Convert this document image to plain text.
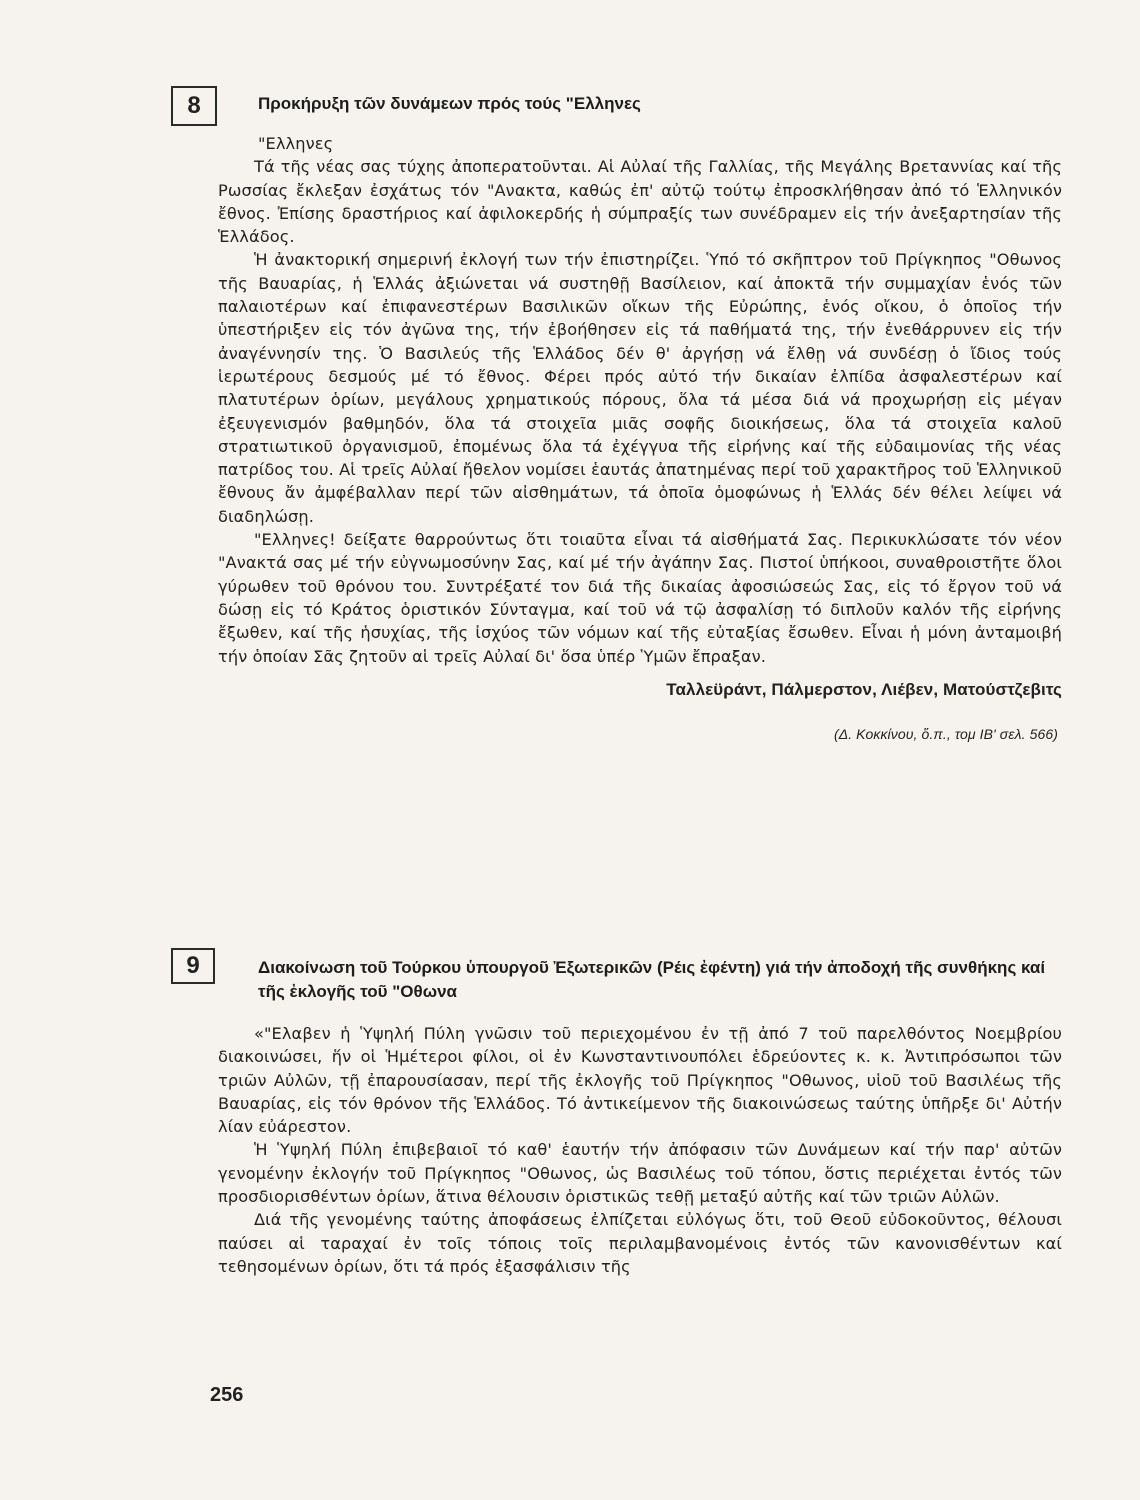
8	Προκήρυξη τῶν δυνάμεων πρός τούς "Ελληνες

"Ελληνες

Τά τῆς νέας σας τύχης ἀποπερατοῦνται. Αἱ Αὐλαί τῆς Γαλλίας, τῆς Μεγάλης Βρεταννίας καί τῆς Ρωσσίας ἔκλεξαν ἐσχάτως τόν "Ανακτα, καθώς ἐπ' αὐτῷ τούτῳ ἐπροσκλήθησαν ἀπό τό Ἑλληνικόν ἔθνος. Ἐπίσης δραστήριος καί ἀφιλοκερδής ἡ σύμπραξίς των συνέδραμεν εἰς τήν ἀνεξαρτησίαν τῆς Ἑλλάδος.

Ἡ ἀνακτορική σημερινή ἐκλογή των τήν ἐπιστηρίζει. Ὑπό τό σκῆπτρον τοῦ Πρίγκηπος "Οθωνος τῆς Βαυαρίας, ἡ Ἑλλάς ἀξιώνεται νά συστηθῇ Βασίλειον, καί ἀποκτᾶ τήν συμμαχίαν ἑνός τῶν παλαιοτέρων καί ἐπιφανεστέρων Βασιλικῶν οἴκων τῆς Εὐρώπης, ἑνός οἴκου, ὁ ὁποῖος τήν ὑπεστήριξεν εἰς τόν ἀγῶνα της, τήν ἐβοήθησεν εἰς τά παθήματά της, τήν ἐνεθάρρυνεν εἰς τήν ἀναγέννησίν της. Ὁ Βασιλεύς τῆς Ἑλλάδος δέν θ' ἀργήσῃ νά ἔλθῃ νά συνδέσῃ ὁ ἴδιος τούς ἱερωτέρους δεσμούς μέ τό ἔθνος. Φέρει πρός αὐτό τήν δικαίαν ἐλπίδα ἀσφαλεστέρων καί πλατυτέρων ὁρίων, μεγάλους χρηματικούς πόρους, ὅλα τά μέσα διά νά προχωρήσῃ εἰς μέγαν ἐξευγενισμόν βαθμηδόν, ὅλα τά στοιχεῖα μιᾶς σοφῆς διοικήσεως, ὅλα τά στοιχεῖα καλοῦ στρατιωτικοῦ ὀργανισμοῦ, ἐπομένως ὅλα τά ἐχέγγυα τῆς εἰρήνης καί τῆς εὐδαιμονίας τῆς νέας πατρίδος του. Αἱ τρεῖς Αὐλαί ἤθελον νομίσει ἑαυτάς ἀπατημένας περί τοῦ χαρακτῆρος τοῦ Ἑλληνικοῦ ἔθνους ἄν ἀμφέβαλλαν περί τῶν αἰσθημάτων, τά ὁποῖα ὁμοφώνως ἡ Ἑλλάς δέν θέλει λείψει νά διαδηλώσῃ.

"Ελληνες! δείξατε θαρρούντως ὅτι τοιαῦτα εἶναι τά αἰσθήματά Σας. Περικυκλώσατε τόν νέον "Ανακτά σας μέ τήν εὐγνωμοσύνην Σας, καί μέ τήν ἀγάπην Σας. Πιστοί ὑπήκοοι, συναθροιστῆτε ὅλοι γύρωθεν τοῦ θρόνου του. Συντρέξατέ τον διά τῆς δικαίας ἀφοσιώσεώς Σας, εἰς τό ἔργον τοῦ νά δώσῃ εἰς τό Κράτος ὁριστικόν Σύνταγμα, καί τοῦ νά τῷ ἀσφαλίσῃ τό διπλοῦν καλόν τῆς εἰρήνης ἔξωθεν, καί τῆς ἡσυχίας, τῆς ἰσχύος τῶν νόμων καί τῆς εὐταξίας ἔσωθεν. Εἶναι ἡ μόνη ἀνταμοιβή τήν ὁποίαν Σᾶς ζητοῦν αἱ τρεῖς Αὐλαί δι' ὅσα ὑπέρ Ὑμῶν ἔπραξαν.

Ταλλεϋράντ, Πάλμερστον, Λιέβεν, Ματούστζεβιτς
(Δ. Κοκκίνου, ὅ.π., τομ ΙΒ' σελ. 566)
9	Διακοίνωση τοῦ Τούρκου ὑπουργοῦ Ἐξωτερικῶν (Ρέις ἐφέντη) γιά τήν ἀποδοχή τῆς συνθήκης καί τῆς ἐκλογῆς τοῦ "Οθωνα

«"Ελαβεν ἡ Ὑψηλή Πύλη γνῶσιν τοῦ περιεχομένου ἐν τῇ ἀπό 7 τοῦ παρελθόντος Νοεμβρίου διακοινώσει, ἥν οἱ Ἡμέτεροι φίλοι, οἱ ἐν Κωνσταντινουπόλει ἑδρεύοντες κ. κ. Ἀντιπρόσωποι τῶν τριῶν Αὐλῶν, τῇ ἐπαρουσίασαν, περί τῆς ἐκλογῆς τοῦ Πρίγκηπος "Οθωνος, υἱοῦ τοῦ Βασιλέως τῆς Βαυαρίας, εἰς τόν θρόνον τῆς Ἑλλάδος. Τό ἀντικείμενον τῆς διακοινώσεως ταύτης ὑπῆρξε δι' Αὐτήν λίαν εὐάρεστον.

Ἡ Ὑψηλή Πύλη ἐπιβεβαιοῖ τό καθ' ἑαυτήν τήν ἀπόφασιν τῶν Δυνάμεων καί τήν παρ' αὐτῶν γενομένην ἐκλογήν τοῦ Πρίγκηπος "Οθωνος, ὡς Βασιλέως τοῦ τόπου, ὅστις περιέχεται ἐντός τῶν προσδιορισθέντων ὁρίων, ἅτινα θέλουσιν ὁριστικῶς τεθῇ μεταξύ αὐτῆς καί τῶν τριῶν Αὐλῶν.

Διά τῆς γενομένης ταύτης ἀποφάσεως ἐλπίζεται εὐλόγως ὅτι, τοῦ Θεοῦ εὐδοκοῦντος, θέλουσι παύσει αἱ ταραχαί ἐν τοῖς τόποις τοῖς περιλαμβανομένοις ἐντός τῶν κανονισθέντων καί τεθησομένων ὁρίων, ὅτι τά πρός ἐξασφάλισιν τῆς

256
